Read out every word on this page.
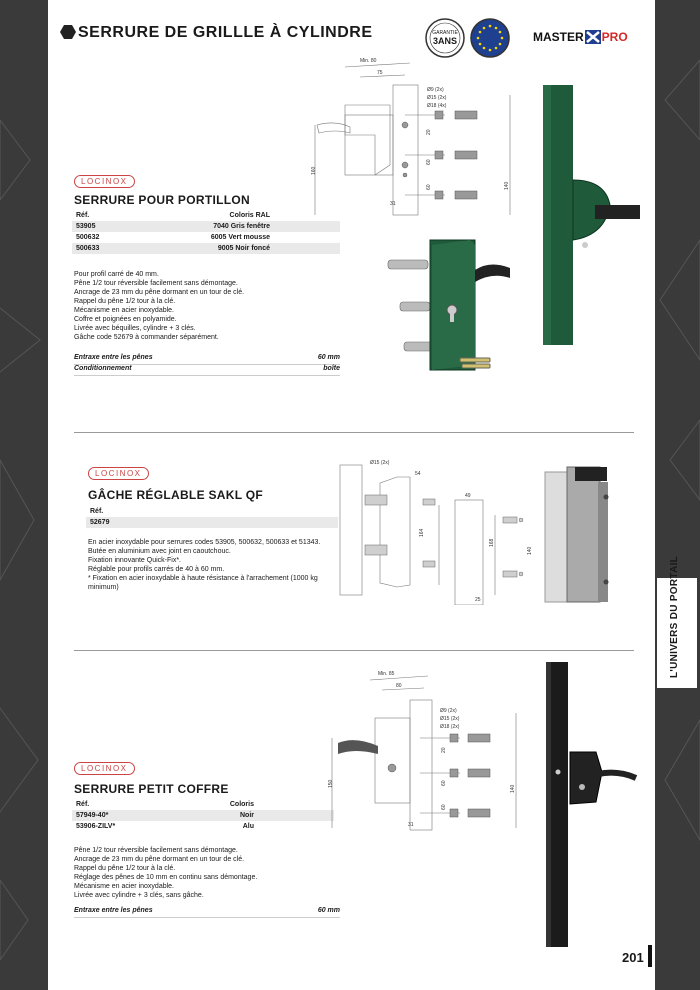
SERRURE DE GRILLLE À CYLINDRE	GARANTIE
3ANS	MASTER PRO
LOCINOX
SERRURE POUR PORTILLON
Réf.	Coloris RAL
53905	7040 Gris fenêtre
500632	6005 Vert mousse
500633	9005 Noir foncé
Pour profil carré de 40 mm.
Pêne 1/2 tour réversible facilement sans démontage.
Ancrage de 23 mm du pêne dormant en un tour de clé.
Rappel du pêne 1/2 tour à la clé.
Mécanisme en acier inoxydable.
Coffre et poignées en polyamide.
Livrée avec béquilles, cylindre + 3 clés.
Gâche code 52679 à commander séparément.
Entraxe entre les pênes	60 mm
Conditionnement	boîte
Min. 80
75
160
31
20
60
60	140
Ø9 (2x)
Ø15 (2x)
Ø18 (4x)
LOCINOX
GÂCHE RÉGLABLE SAKL QF
Réf.
52679
En acier inoxydable pour serrures codes 53905, 500632, 500633 et 51343.
Butée en aluminium avec joint en caoutchouc.
Fixation innovante Quick-Fix*.
Réglable pour profils carrés de 40 à 60 mm.
* Fixation en acier inoxydable à haute résistance à l'arrachement (1000 kg minimum)
Ø15 (2x)
54
49
164
168
140
25
LOCINOX
SERRURE PETIT COFFRE
Réf.	Coloris
57949-40*	Noir
53906-ZILV*	Alu
Pêne 1/2 tour réversible facilement sans démontage.
Ancrage de 23 mm du pêne dormant en un tour de clé.
Rappel du pêne 1/2 tour à la clé.
Réglage des pênes de 10 mm en continu sans démontage.
Mécanisme en acier inoxydable.
Livrée avec cylindre + 3 clés, sans gâche.
Entraxe entre les pênes	60 mm
Min. 85
80
150
31
20
60
60
140
Ø9 (2x)
Ø15 (2x)
Ø18 (2x)
L'UNIVERS DU PORTAIL
201
